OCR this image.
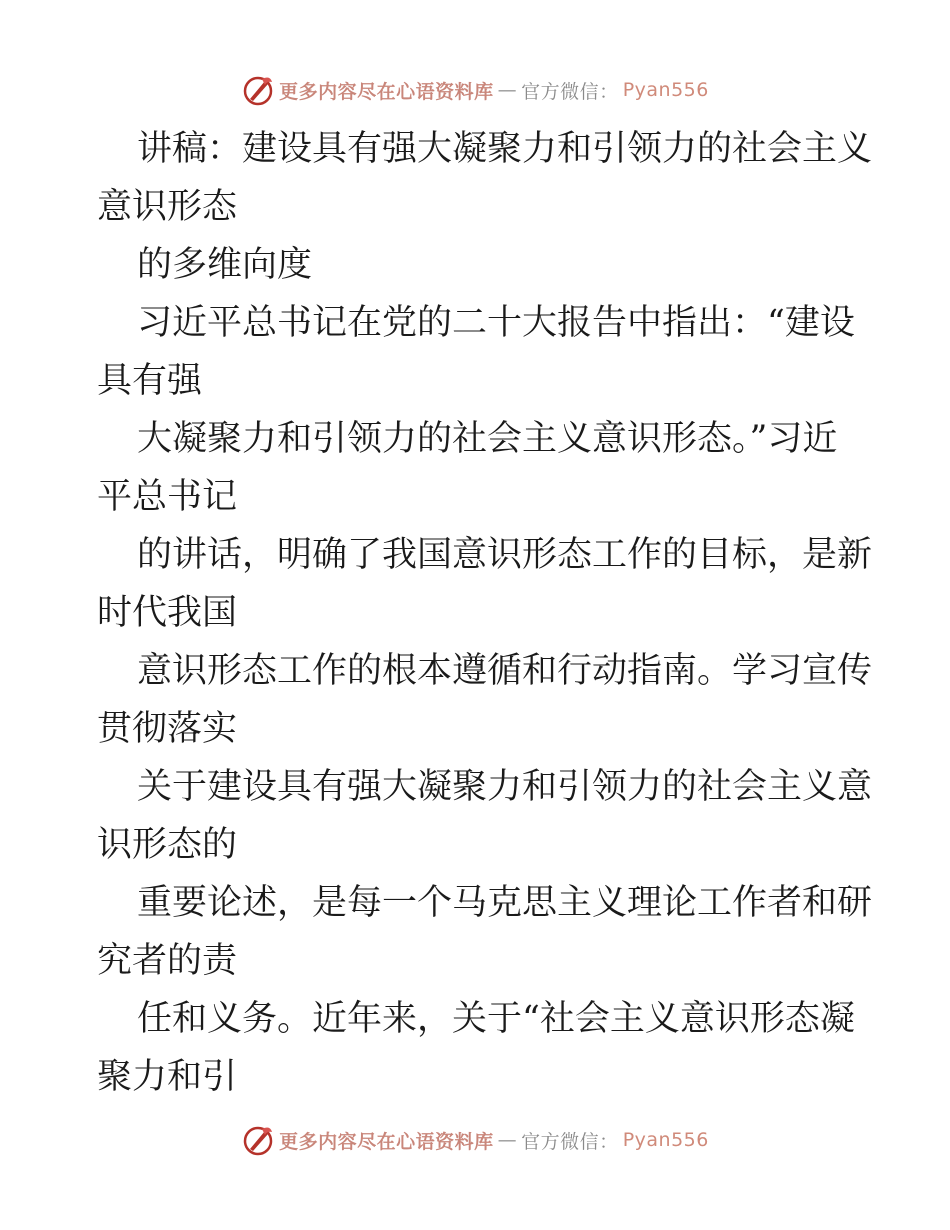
更多内容尽在心语资料库 — 官方微信： Pyan556

讲稿：建设具有强大凝聚力和引领力的社会主义
意识形态

的多维向度

习近平总书记在党的二十大报告中指出：“建设
具有强

大凝聚力和引领力的社会主义意识形态。”习近
平总书记

的讲话，明确了我国意识形态工作的目标，是新
时代我国

意识形态工作的根本遵循和行动指南。学习宣传
贯彻落实

关于建设具有强大凝聚力和引领力的社会主义意
识形态的

重要论述，是每一个马克思主义理论工作者和研
究者的责

任和义务。近年来，关于“社会主义意识形态凝
聚力和引

更多内容尽在心语资料库 — 官方微信： Pyan556
